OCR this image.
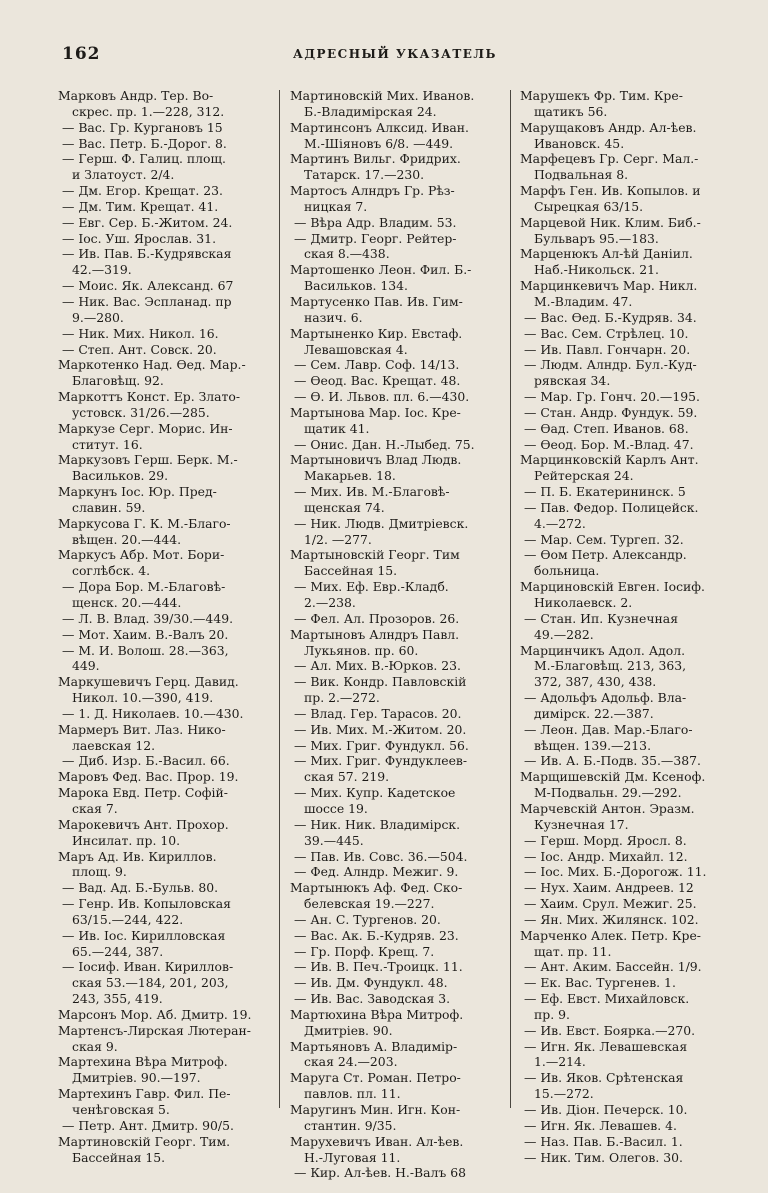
162	АДРЕСНЫЙ УКАЗАТЕЛЬ
Марковъ Андр. Тер. Во-
скрес. пр. 1.—228, 312.
— Вас. Гр. Кургановъ 15
— Вас. Петр. Б.-Дорог. 8.
— Герш. Ф. Галиц. площ.
и Златоуст. 2/4.
— Дм. Егор. Крещат. 23.
— Дм. Тим. Крещат. 41.
— Евг. Сер. Б.-Житом. 24.
— Іос. Уш. Ярослав. 31.
— Ив. Пав. Б.-Кудрявская
42.—319.
— Моис. Як. Александ. 67
— Ник. Вас. Эспланад. пр
9.—280.
— Ник. Мих. Никол. 16.
— Степ. Ант. Совск. 20.
Маркотенко Над. Өед. Мар.-
Благовѣщ. 92.
Маркоттъ Конст. Ер. Злато-
устовск. 31/26.—285.
Маркузе Серг. Морис. Ин-
ститут. 16.
Маркузовъ Герш. Берк. М.-
Васильков. 29.
Маркунъ Іос. Юр. Пред-
славин. 59.
Маркусова Г. К. М.-Благо-
вѣщен. 20.—444.
Маркусъ Абр. Мот. Бори-
соглѣбск. 4.
— Дора Бор. М.-Благовѣ-
щенск. 20.—444.
— Л. В. Влад. 39/30.—449.
— Мот. Хаим. В.-Валъ 20.
— М. И. Волош. 28.—363,
449.
Маркушевичъ Герц. Давид.
Никол. 10.—390, 419.
— 1. Д. Николаев. 10.—430.
Мармеръ Вит. Лаз. Нико-
лаевская 12.
— Диб. Изр. Б.-Васил. 66.
Маровъ Фед. Вас. Прор. 19.
Марока Евд. Петр. Софій-
ская 7.
Марокевичъ Ант. Прохор.
Инсилат. пр. 10.
Маръ Ад. Ив. Кириллов.
площ. 9.
— Вад. Ад. Б.-Бульв. 80.
— Генр. Ив. Копыловская
63/15.—244, 422.
— Ив. Іос. Кирилловская
65.—244, 387.
— Іосиф. Иван. Кириллов-
ская 53.—184, 201, 203,
243, 355, 419.
Марсонъ Мор. Аб. Дмитр. 19.
Мартенсъ-Лирская Лютеран-
ская 9.
Мартехина Вѣра Митроф.
Дмитріев. 90.—197.
Мартехинъ Гавр. Фил. Пе-
ченѣговская 5.
— Петр. Ант. Дмитр. 90/5.
Мартиновскій Георг. Тим.
Бассейная 15.
Мартиновскій Мих. Иванов.
Б.-Владимірская 24.
Мартинсонъ Алксид. Иван.
М.-Шіяновъ 6/8. —449.
Мартинъ Вильг. Фридрих.
Татарск. 17.—230.
Мартосъ Алндръ Гр. Рѣз-
ницкая 7.
— Вѣра Адр. Владим. 53.
— Дмитр. Георг. Рейтер-
ская 8.—438.
Мартошенко Леон. Фил. Б.-
Васильков. 134.
Мартусенко Пав. Ив. Гим-
назич. 6.
Мартыненко Кир. Евстаф.
Левашовская 4.
— Сем. Лавр. Соф. 14/13.
— Өеод. Вас. Крещат. 48.
— Ө. И. Львов. пл. 6.—430.
Мартынова Мар. Іос. Кре-
щатик 41.
— Онис. Дан. Н.-Лыбед. 75.
Мартыновичъ Влад Людв.
Макарьев. 18.
— Мих. Ив. М.-Благовѣ-
щенская 74.
— Ник. Людв. Дмитріевск.
1/2. —277.
Мартыновскій Георг. Тим
Бассейная 15.
— Мих. Еф. Евр.-Кладб.
2.—238.
— Фел. Ал. Прозоров. 26.
Мартыновъ Алндръ Павл.
Лукьянов. пр. 60.
— Ал. Мих. В.-Юрков. 23.
— Вик. Кондр. Павловскій
пр. 2.—272.
— Влад. Гер. Тарасов. 20.
— Ив. Мих. М.-Житом. 20.
— Мих. Григ. Фундукл. 56.
— Мих. Григ. Фундуклеев-
ская 57. 219.
— Мих. Купр. Кадетское
шоссе 19.
— Ник. Ник. Владимірск.
39.—445.
— Пав. Ив. Совс. 36.—504.
— Фед. Алндр. Межиг. 9.
Мартынюкъ Аф. Фед. Ско-
белевская 19.—227.
— Ан. С. Тургенов. 20.
— Вас. Ак. Б.-Кудряв. 23.
— Гр. Порф. Крещ. 7.
— Ив. В. Печ.-Троицк. 11.
— Ив. Дм. Фундукл. 48.
— Ив. Вас. Заводская 3.
Мартюхина Вѣра Митроф.
Дмитріев. 90.
Мартьяновъ А. Владимір-
ская 24.—203.
Маруга Ст. Роман. Петро-
павлов. пл. 11.
Маругинъ Мин. Игн. Кон-
стантин. 9/35.
Марухевичъ Иван. Ал-ѣев.
Н.-Луговая 11.
— Кир. Ал-ѣев. Н.-Валъ 68
Марушекъ Фр. Тим. Кре-
щатикъ 56.
Марущаковъ Андр. Ал-ѣев.
Ивановск. 45.
Марфецевъ Гр. Серг. Мал.-
Подвальная 8.
Марфъ Ген. Ив. Копылов. и
Сырецкая 63/15.
Марцевой Ник. Клим. Биб.-
Бульваръ 95.—183.
Марценюкъ Ал-ѣй Данiил.
Наб.-Никольск. 21.
Марцинкевичъ Мар. Никл.
М.-Владим. 47.
— Вас. Өед. Б.-Кудряв. 34.
— Вас. Сем. Стрѣлец. 10.
— Ив. Павл. Гончарн. 20.
— Людм. Алндр. Бул.-Куд-
рявская 34.
— Мар. Гр. Гонч. 20.—195.
— Стан. Андр. Фундук. 59.
— Өад. Степ. Иванов. 68.
— Өеод. Бор. М.-Влад. 47.
Марцинковскій Карлъ Ант.
Рейтерская 24.
— П. Б. Екатерининск. 5
— Пав. Федор. Полицейск.
4.—272.
— Мар. Сем. Тургеп. 32.
— Өом Петр. Александр.
больница.
Марциновскій Евген. Іосиф.
Николаевск. 2.
— Стан. Ип. Кузнечная
49.—282.
Марцинчикъ Адол. Адол.
М.-Благовѣщ. 213, 363,
372, 387, 430, 438.
— Адольфъ Адольф. Вла-
димірск. 22.—387.
— Леон. Дав. Мар.-Благо-
вѣщен. 139.—213.
— Ив. А. Б.-Подв. 35.—387.
Марщишевскій Дм. Ксеноф.
М-Подвальн. 29.—292.
Марчевскій Антон. Эразм.
Кузнечная 17.
— Герш. Морд. Яросл. 8.
— Іос. Андр. Михайл. 12.
— Іос. Мих. Б.-Дорогож. 11.
— Нух. Хаим. Андреев. 12
— Хаим. Срул. Межиг. 25.
— Ян. Мих. Жилянск. 102.
Марченко Алек. Петр. Кре-
щат. пр. 11.
— Ант. Аким. Бассейн. 1/9.
— Ек. Вас. Тургенев. 1.
— Еф. Евст. Михайловск.
пр. 9.
— Ив. Евст. Боярка.—270.
— Игн. Як. Левашевская
1.—214.
— Ив. Яков. Срѣтенская
15.—272.
— Ив. Діон. Печерск. 10.
— Игн. Як. Левашев. 4.
— Наз. Пав. Б.-Васил. 1.
— Ник. Тим. Олегов. 30.
